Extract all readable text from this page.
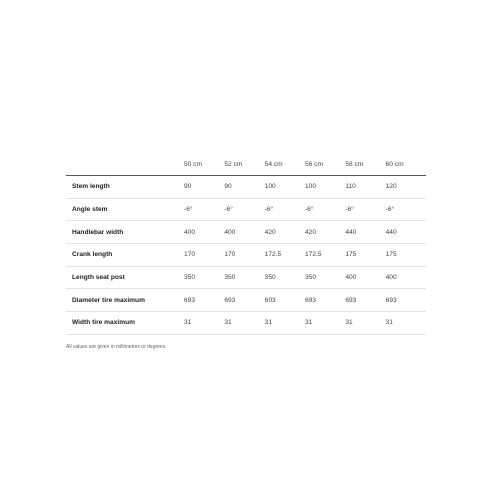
	50 cm	52 cm	54 cm	56 cm	58 cm	60 cm
Stem length	90	90	100	100	110	120
Angle stem	-6°	-6°	-6°	-6°	-6°	-6°
Handlebar width	400	400	420	420	440	440
Crank length	170	170	172.5	172.5	175	175
Length seat post	350	350	350	350	400	400
Diameter tire maximum	693	693	693	693	693	693
Width tire maximum	31	31	31	31	31	31
All values are given in millimetres or degrees.
